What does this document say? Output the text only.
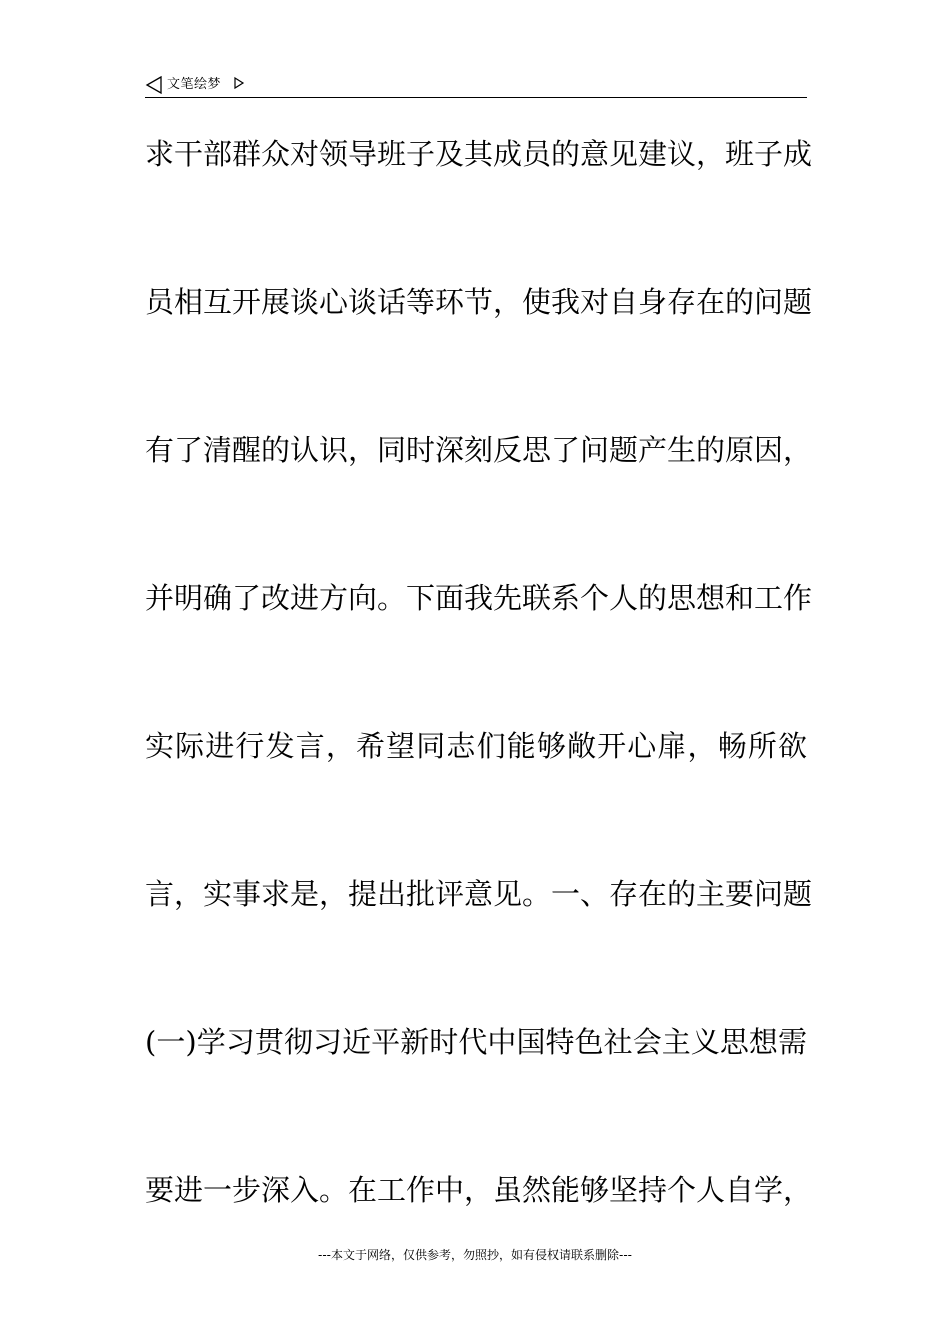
文笔绘梦

求干部群众对领导班子及其成员的意见建议，班子成

员相互开展谈心谈话等环节，使我对自身存在的问题

有了清醒的认识，同时深刻反思了问题产生的原因，

并明确了改进方向。下面我先联系个人的思想和工作

实际进行发言，希望同志们能够敞开心扉，畅所欲

言，实事求是，提出批评意见。一、存在的主要问题

(一)学习贯彻习近平新时代中国特色社会主义思想需

要进一步深入。在工作中，虽然能够坚持个人自学，

---本文于网络，仅供参考，勿照抄，如有侵权请联系删除---
